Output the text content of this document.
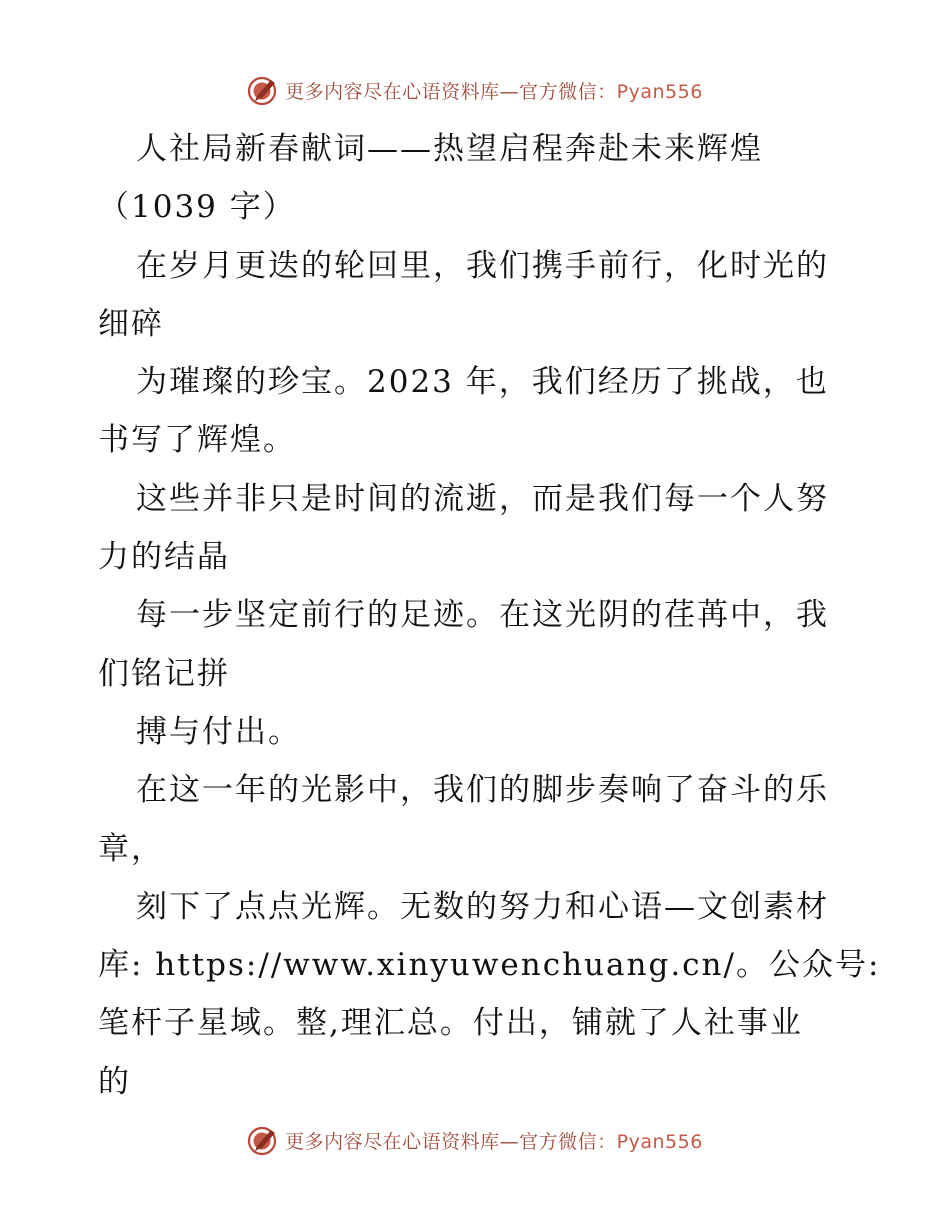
更多内容尽在心语资料库—官方微信：Pyan556
人社局新春献词——热望启程奔赴未来辉煌
（1039 字）
在岁月更迭的轮回里，我们携手前行，化时光的
细碎
为璀璨的珍宝。2023 年，我们经历了挑战，也
书写了辉煌。
这些并非只是时间的流逝，而是我们每一个人努
力的结晶
每一步坚定前行的足迹。在这光阴的荏苒中，我
们铭记拼
搏与付出。
在这一年的光影中，我们的脚步奏响了奋斗的乐
章，
刻下了点点光辉。无数的努力和心语—文创素材
库: https://www.xinyuwenchuang.cn/。公众号:
笔杆子星域。整,理汇总。付出，铺就了人社事业
的
更多内容尽在心语资料库—官方微信：Pyan556
